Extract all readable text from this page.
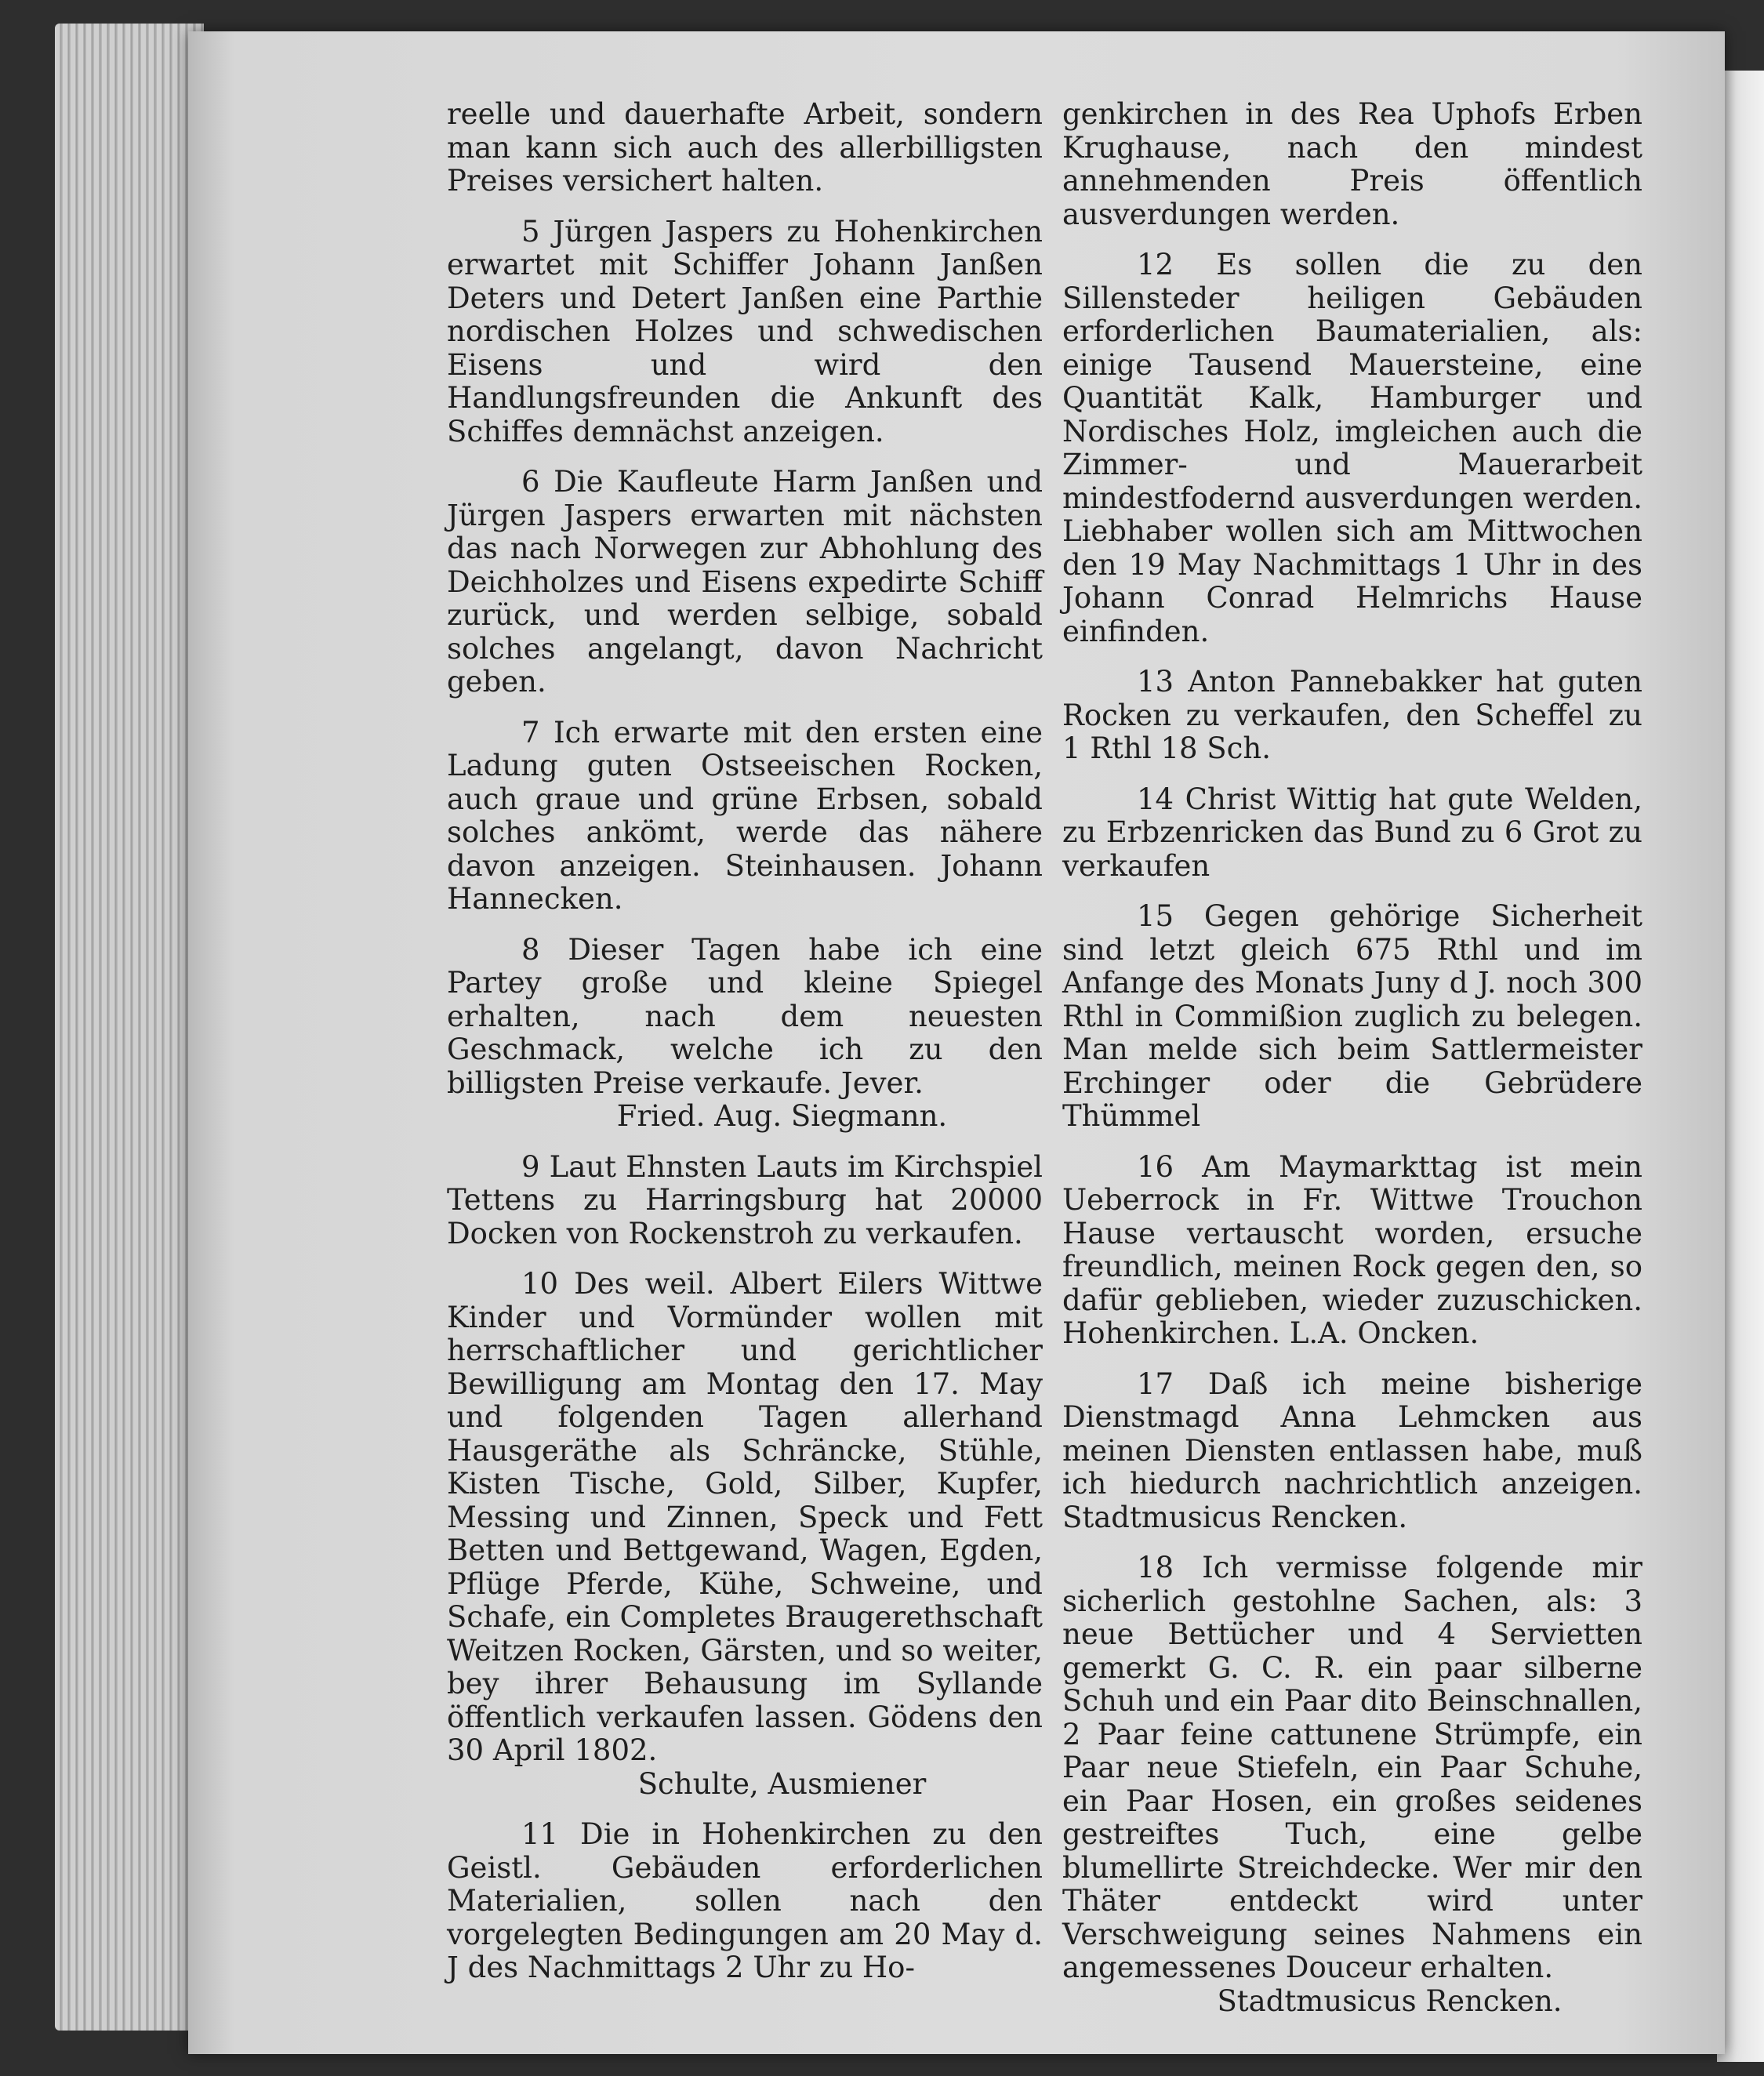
reelle und dauerhafte Arbeit, sondern man kann sich auch des allerbilligsten Preises versichert halten.

5 Jürgen Jaspers zu Hohenkirchen erwartet mit Schiffer Johann Janßen Deters und Detert Janßen eine Parthie nordischen Holzes und schwedischen Eisens und wird den Handlungsfreunden die Ankunft des Schiffes demnächst anzeigen.

6 Die Kaufleute Harm Janßen und Jürgen Jaspers erwarten mit nächsten das nach Norwegen zur Abhohlung des Deichholzes und Eisens expedirte Schiff zurück, und werden selbige, sobald solches angelangt, davon Nachricht geben.

7 Ich erwarte mit den ersten eine Ladung guten Ostseeischen Rocken, auch graue und grüne Erbsen, sobald solches ankömt, werde das nähere davon anzeigen. Steinhausen. Johann Hannecken.

8 Dieser Tagen habe ich eine Partey große und kleine Spiegel erhalten, nach dem neuesten Geschmack, welche ich zu den billigsten Preise verkaufe. Jever.

Fried. Aug. Siegmann.

9 Laut Ehnsten Lauts im Kirchspiel Tettens zu Harringsburg hat 20000 Docken von Rockenstroh zu verkaufen.

10 Des weil. Albert Eilers Wittwe Kinder und Vormünder wollen mit herrschaftlicher und gerichtlicher Bewilligung am Montag den 17. May und folgenden Tagen allerhand Hausgeräthe als Schräncke, Stühle, Kisten Tische, Gold, Silber, Kupfer, Messing und Zinnen, Speck und Fett Betten und Bettgewand, Wagen, Egden, Pflüge Pferde, Kühe, Schweine, und Schafe, ein Completes Braugerethschaft Weitzen Rocken, Gärsten, und so weiter, bey ihrer Behausung im Syllande öffentlich verkaufen lassen. Gödens den 30 April 1802.

Schulte, Ausmiener

11 Die in Hohenkirchen zu den Geistl. Gebäuden erforderlichen Materialien, sollen nach den vorgelegten Bedingungen am 20 May d. J des Nachmittags 2 Uhr zu Ho-

genkirchen in des Rea Uphofs Erben Krughause, nach den mindest annehmenden Preis öffentlich ausverdungen werden.

12 Es sollen die zu den Sillensteder heiligen Gebäuden erforderlichen Baumaterialien, als: einige Tausend Mauersteine, eine Quantität Kalk, Hamburger und Nordisches Holz, imgleichen auch die Zimmer- und Mauerarbeit mindestfodernd ausverdungen werden. Liebhaber wollen sich am Mittwochen den 19 May Nachmittags 1 Uhr in des Johann Conrad Helmrichs Hause einfinden.

13 Anton Pannebakker hat guten Rocken zu verkaufen, den Scheffel zu 1 Rthl 18 Sch.

14 Christ Wittig hat gute Welden, zu Erbzenricken das Bund zu 6 Grot zu verkaufen

15 Gegen gehörige Sicherheit sind letzt gleich 675 Rthl und im Anfange des Monats Juny d J. noch 300 Rthl in Commißion zuglich zu belegen. Man melde sich beim Sattlermeister Erchinger oder die Gebrüdere Thümmel

16 Am Maymarkttag ist mein Ueberrock in Fr. Wittwe Trouchon Hause vertauscht worden, ersuche freundlich, meinen Rock gegen den, so dafür geblieben, wieder zuzuschicken. Hohenkirchen. L.A. Oncken.

17 Daß ich meine bisherige Dienstmagd Anna Lehmcken aus meinen Diensten entlassen habe, muß ich hiedurch nachrichtlich anzeigen. Stadtmusicus Rencken.

18 Ich vermisse folgende mir sicherlich gestohlne Sachen, als: 3 neue Bettücher und 4 Servietten gemerkt G. C. R. ein paar silberne Schuh und ein Paar dito Beinschnallen, 2 Paar feine cattunene Strümpfe, ein Paar neue Stiefeln, ein Paar Schuhe, ein Paar Hosen, ein großes seidenes gestreiftes Tuch, eine gelbe blumellirte Streichdecke. Wer mir den Thäter entdeckt wird unter Verschweigung seines Nahmens ein angemessenes Douceur erhalten.

Stadtmusicus Rencken.
